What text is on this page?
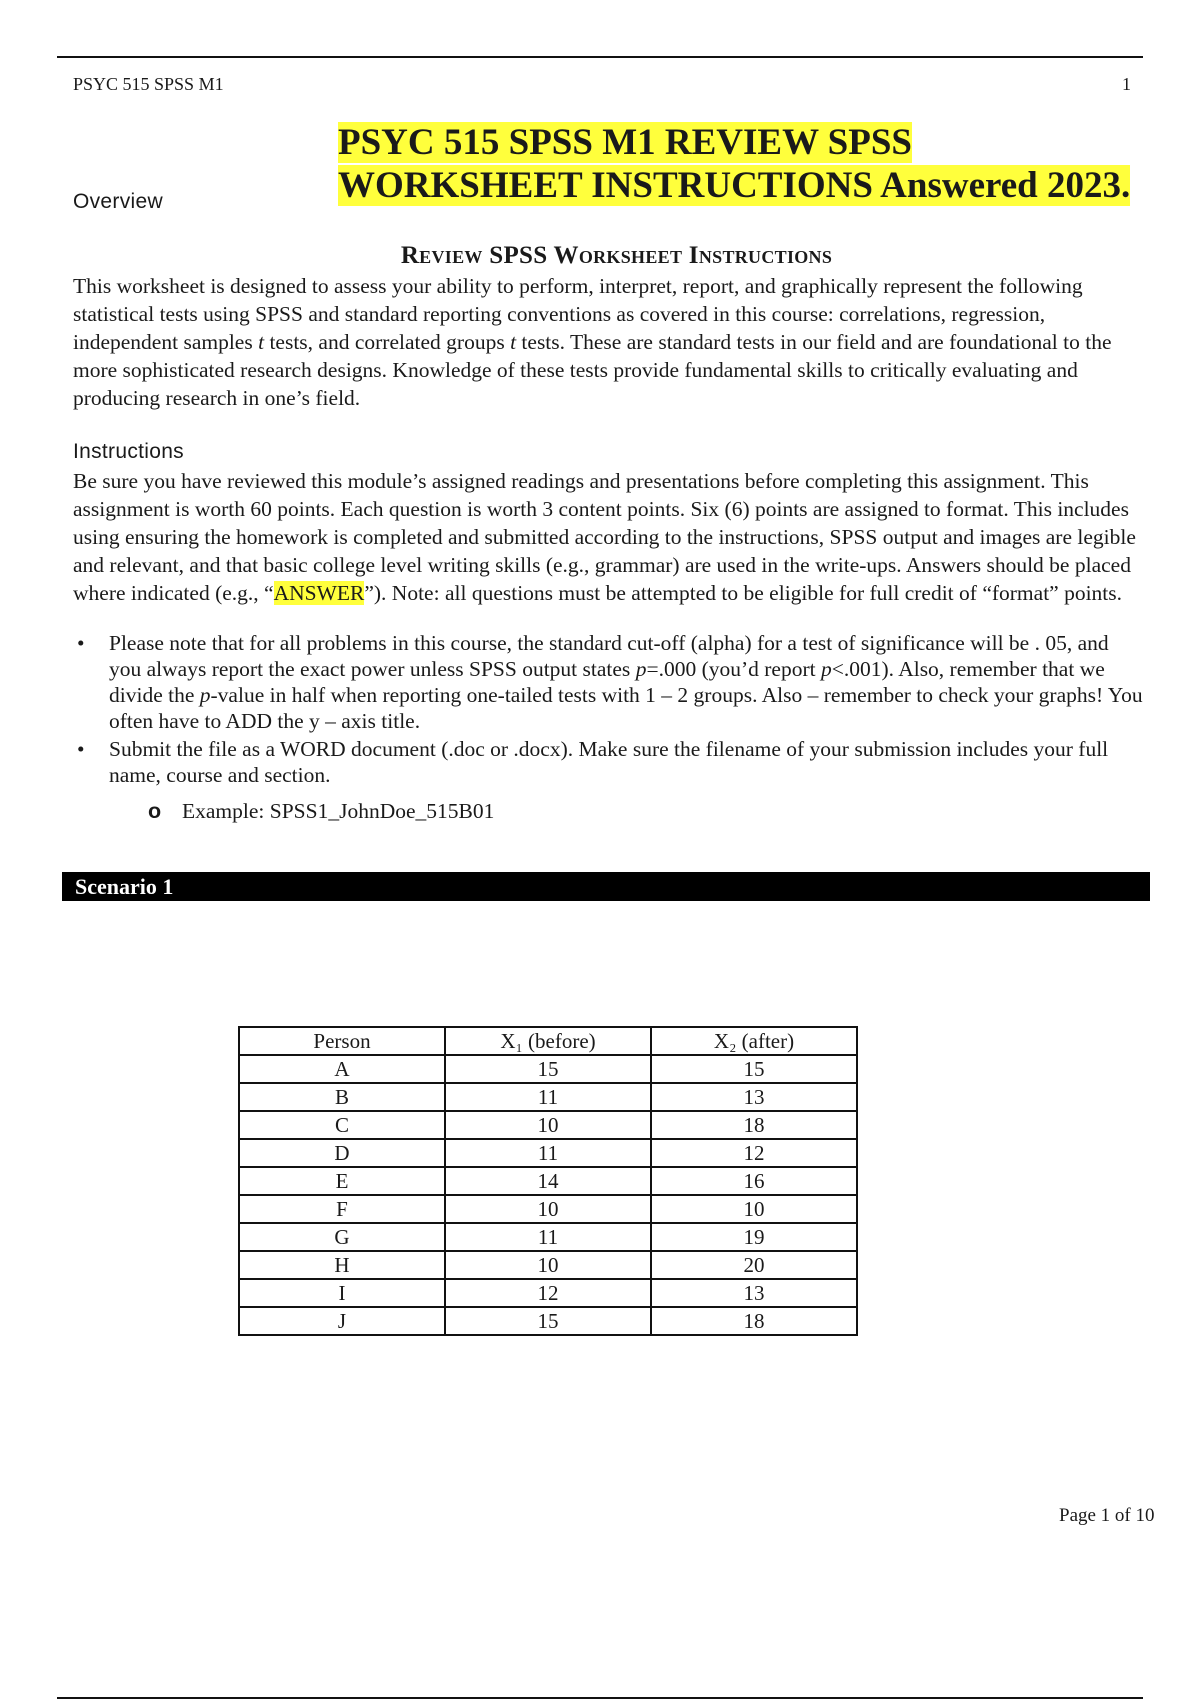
PSYC 515 SPSS M1	1
Overview
PSYC 515 SPSS M1 REVIEW SPSS
WORKSHEET INSTRUCTIONS Answered 2023.
Review SPSS Worksheet Instructions
This worksheet is designed to assess your ability to perform, interpret, report, and graphically represent the following statistical tests using SPSS and standard reporting conventions as covered in this course: correlations, regression, independent samples t tests, and correlated groups t tests. These are standard tests in our field and are foundational to the more sophisticated research designs. Knowledge of these tests provide fundamental skills to critically evaluating and producing research in one’s field.
Instructions
Be sure you have reviewed this module’s assigned readings and presentations before completing this assignment. This assignment is worth 60 points. Each question is worth 3 content points. Six (6) points are assigned to format. This includes using ensuring the homework is completed and submitted according to the instructions, SPSS output and images are legible and relevant, and that basic college level writing skills (e.g., grammar) are used in the write-ups. Answers should be placed where indicated (e.g., “ANSWER”). Note: all questions must be attempted to be eligible for full credit of “format” points.
• Please note that for all problems in this course, the standard cut-off (alpha) for a test of significance will be . 05, and you always report the exact power unless SPSS output states p=.000 (you’d report p<.001). Also, remember that we divide the p-value in half when reporting one-tailed tests with 1 – 2 groups. Also – remember to check your graphs! You often have to ADD the y – axis title.
• Submit the file as a WORD document (.doc or .docx). Make sure the filename of your submission includes your full name, course and section.
o Example: SPSS1_JohnDoe_515B01
Scenario 1
Person	X₁ (before)	X₂ (after)
A	15	15
B	11	13
C	10	18
D	11	12
E	14	16
F	10	10
G	11	19
H	10	20
I	12	13
J	15	18
Page 1 of 10
